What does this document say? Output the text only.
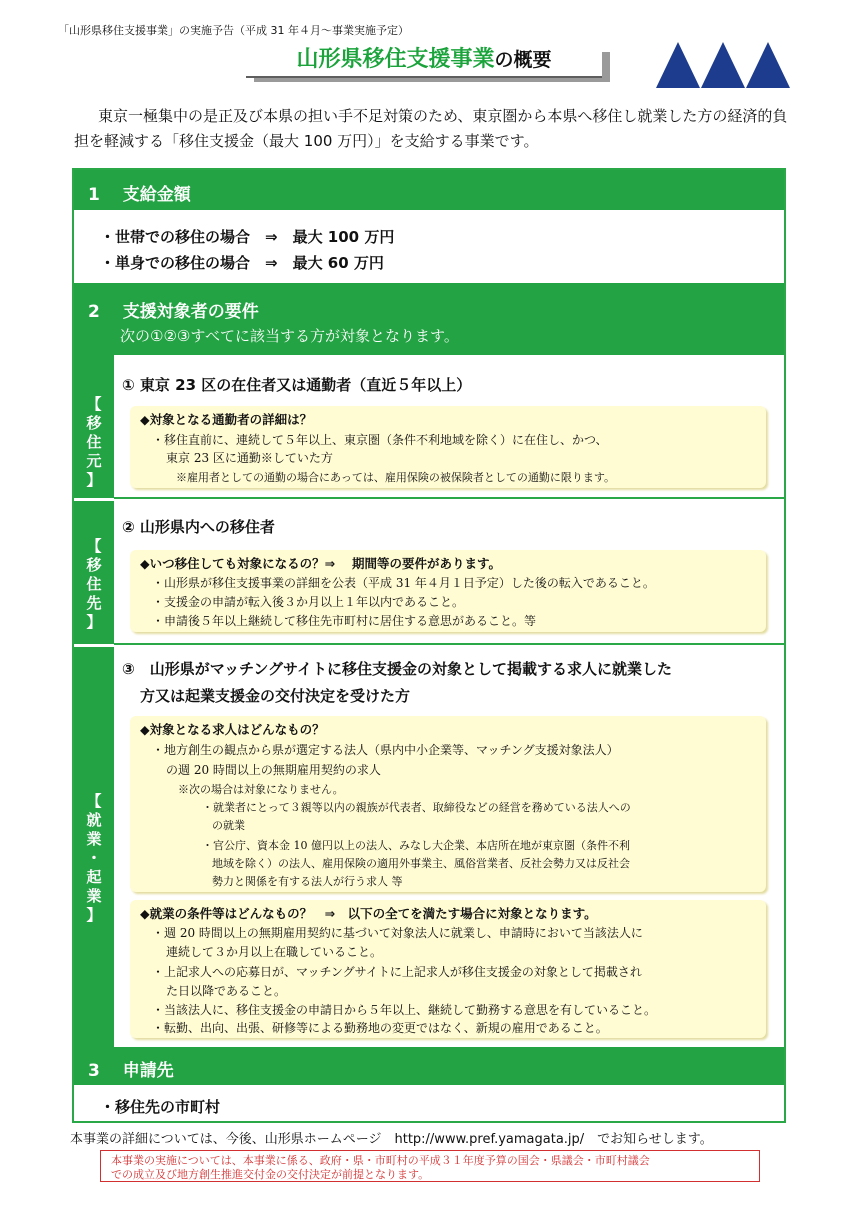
「山形県移住支援事業」の実施予告（平成 31 年４月～事業実施予定）
山形県移住支援事業の概要
東京一極集中の是正及び本県の担い手不足対策のため、東京圏から本県へ移住し就業した方の経済的負担を軽減する「移住支援金（最大 100 万円）」を支給する事業です。
1　 支給金額
・世帯での移住の場合　⇒　最大 100 万円
・単身での移住の場合　⇒　最大 60 万円
2　 支援対象者の要件
次の①②③すべてに該当する方が対象となります。
【
移
住
元
】
① 東京 23 区の在住者又は通勤者（直近５年以上）
◆対象となる通勤者の詳細は？
・移住直前に、連続して５年以上、東京圏（条件不利地域を除く）に在住し、かつ、
東京 23 区に通勤※していた方
※雇用者としての通勤の場合にあっては、雇用保険の被保険者としての通勤に限ります。
【
移
住
先
】
② 山形県内への移住者
◆いつ移住しても対象になるの？⇒　 期間等の要件があります。
・山形県が移住支援事業の詳細を公表（平成 31 年４月１日予定）した後の転入であること。
・支援金の申請が転入後３か月以上１年以内であること。
・申請後５年以上継続して移住先市町村に居住する意思があること。等
【
就
業
・
起
業
】
③　山形県がマッチングサイトに移住支援金の対象として掲載する求人に就業した
方又は起業支援金の交付決定を受けた方
◆対象となる求人はどんなもの？
・地方創生の観点から県が選定する法人（県内中小企業等、マッチング支援対象法人）
の週 20 時間以上の無期雇用契約の求人
※次の場合は対象になりません。
・就業者にとって３親等以内の親族が代表者、取締役などの経営を務めている法人への
の就業
・官公庁、資本金 10 億円以上の法人、みなし大企業、本店所在地が東京圏（条件不利
地域を除く）の法人、雇用保険の適用外事業主、風俗営業者、反社会勢力又は反社会
勢力と関係を有する法人が行う求人 等
◆就業の条件等はどんなもの？　⇒　以下の全てを満たす場合に対象となります。
・週 20 時間以上の無期雇用契約に基づいて対象法人に就業し、申請時において当該法人に
連続して３か月以上在職していること。
・上記求人への応募日が、マッチングサイトに上記求人が移住支援金の対象として掲載され
た日以降であること。
・当該法人に、移住支援金の申請日から５年以上、継続して勤務する意思を有していること。
・転勤、出向、出張、研修等による勤務地の変更ではなく、新規の雇用であること。
3　 申請先
・移住先の市町村
本事業の詳細については、今後、山形県ホームページ　http://www.pref.yamagata.jp/　でお知らせします。
本事業の実施については、本事業に係る、政府・県・市町村の平成３１年度予算の国会・県議会・市町村議会
での成立及び地方創生推進交付金の交付決定が前提となります。
